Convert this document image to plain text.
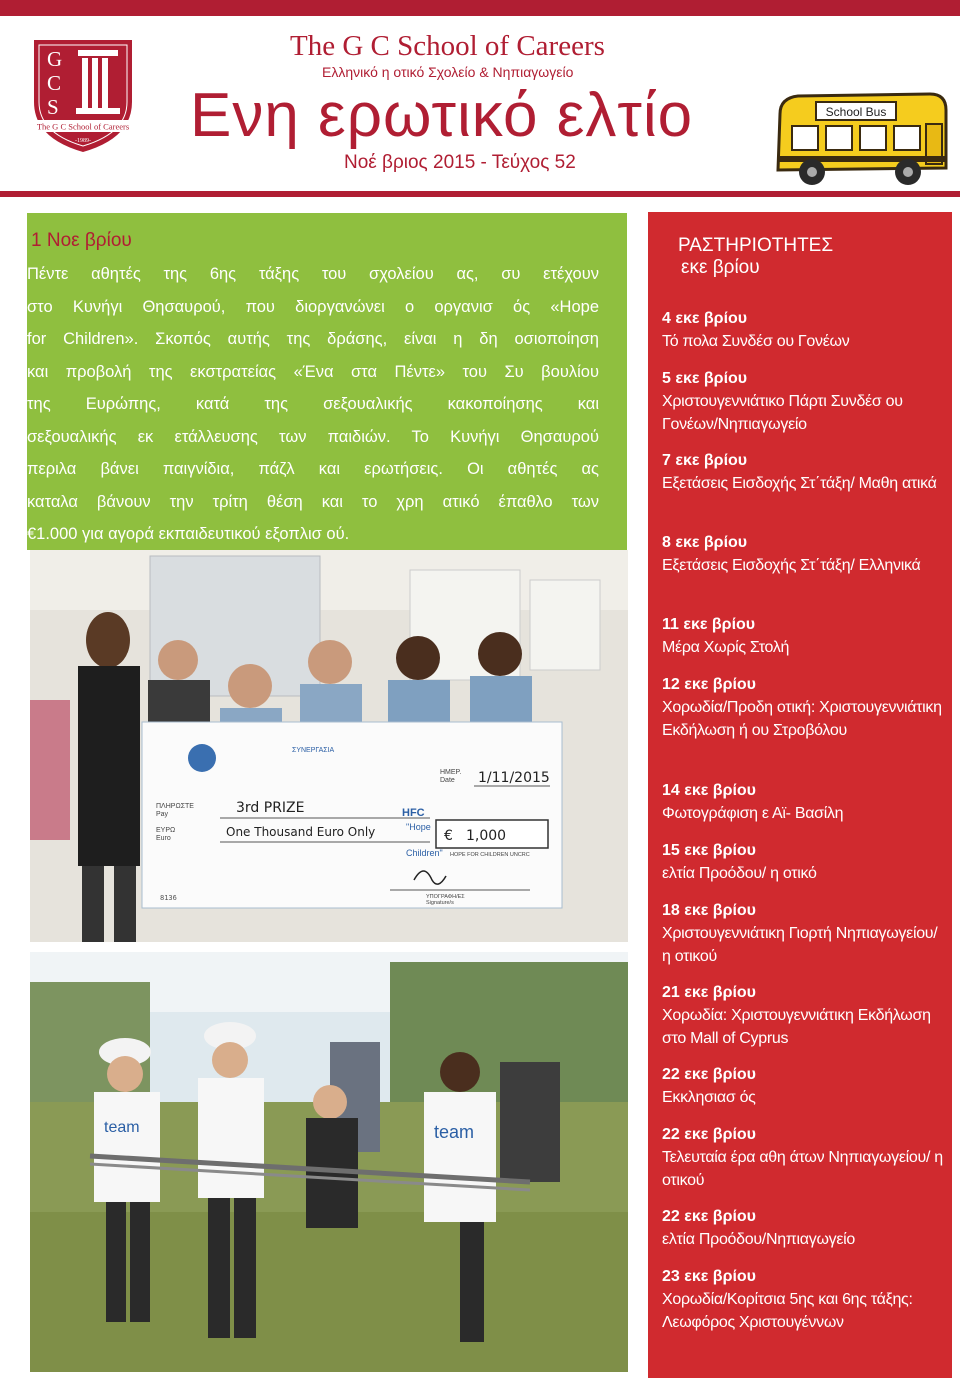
G
C
S
The G C School of Careers
-1989-
The G C School of Careers
Ελληνικό η οτικό Σχολείο & Νηπιαγωγείο
Ενη ερωτικό ελτίο
Νοέ βριος 2015 - Τεύχος 52
School Bus
1 Νοε βρίου
Πέντε αθητές της 6ης τάξης του σχολείου ας, συ ετέχουν
στο Κυνήγι Θησαυρού, που διοργανώνει ο οργανισ ός «Hope
for Children». Σκοπός αυτής της δράσης, είναι η δη οσιοποίηση
και προβολή της εκστρατείας «Ένα στα Πέντε» του Συ βουλίου
της Ευρώπης, κατά της σεξουαλικής κακοποίησης και
σεξουαλικής εκ ετάλλευσης των παιδιών. Το Κυνήγι Θησαυρού
περιλα βάνει παιγνίδια, πάζλ και ερωτήσεις. Οι αθητές ας
καταλα βάνουν την τρίτη θέση και το χρη ατικό έπαθλο των
€1.000 για αγορά εκπαιδευτικού εξοπλισ ού.
ΣΥΝΕΡΓΑΣΙΑ
ΗΜΕΡ.
Date 1/11/2015
ΠΛΗΡΩΣΤΕ
Pay	3rd PRIZE
ΕΥΡΩ
Euro	One Thousand Euro Only
HFC
"Hope
Children"
€ 1,000
HOPE FOR CHILDREN UNCRC
ΥΠΟΓΡΑΦΗ/ΕΣ
Signature/s
8136
team	team
ΡΑΣΤΗΡΙΟΤΗΤΕΣ
εκε βρίου
4 εκε βρίου
Τό πολα Συνδέσ ου Γονέων
5 εκε βρίου
Χριστουγεννιάτικο Πάρτι Συνδέσ ου Γονέων/Νηπιαγωγείο
7 εκε βρίου
Εξετάσεις Εισδοχής Στ΄τάξη/ Μαθη ατικά
8 εκε βρίου
Εξετάσεις Εισδοχής Στ΄τάξη/ Ελληνικά
11 εκε βρίου
Μέρα Χωρίς Στολή
12 εκε βρίου
Χορωδία/Προδη οτική: Χριστουγεννιάτικη Εκδήλωση ή ου Στροβόλου
14 εκε βρίου
Φωτογράφιση ε Αϊ- Βασίλη
15 εκε βρίου
ελτία Προόδου/ η οτικό
18 εκε βρίου
Χριστουγεννιάτικη Γιορτή Νηπιαγωγείου/ η οτικού
21 εκε βρίου
Χορωδία: Χριστουγεννιάτικη Εκδήλωση στο Mall of Cyprus
22 εκε βρίου
Εκκλησιασ ός
22 εκε βρίου
Τελευταία έρα αθη άτων Νηπιαγωγείου/ η οτικού
22 εκε βρίου
ελτία Προόδου/Νηπιαγωγείο
23 εκε βρίου
Χορωδία/Κορίτσια 5ης και 6ης τάξης: Λεωφόρος Χριστουγέννων
